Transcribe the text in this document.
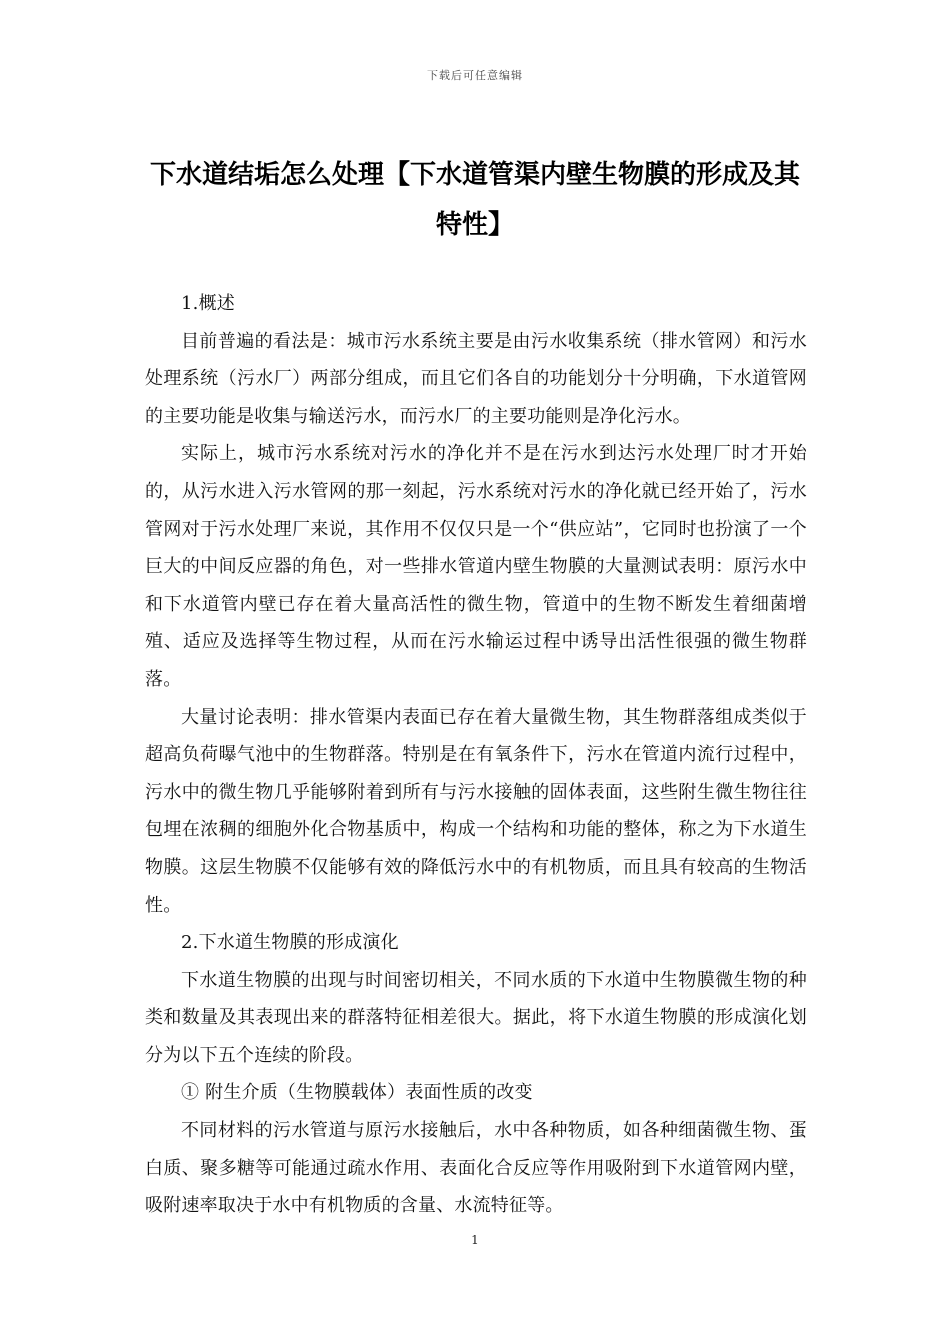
下载后可任意编辑
下水道结垢怎么处理【下水道管渠内壁生物膜的形成及其特性】

1.概述

目前普遍的看法是：城市污水系统主要是由污水收集系统（排水管网）和污水处理系统（污水厂）两部分组成，而且它们各自的功能划分十分明确，下水道管网的主要功能是收集与输送污水，而污水厂的主要功能则是净化污水。

实际上，城市污水系统对污水的净化并不是在污水到达污水处理厂时才开始的，从污水进入污水管网的那一刻起，污水系统对污水的净化就已经开始了，污水管网对于污水处理厂来说，其作用不仅仅只是一个“供应站”，它同时也扮演了一个巨大的中间反应器的角色，对一些排水管道内壁生物膜的大量测试表明：原污水中和下水道管内壁已存在着大量高活性的微生物，管道中的生物不断发生着细菌增殖、适应及选择等生物过程，从而在污水输运过程中诱导出活性很强的微生物群落。

大量讨论表明：排水管渠内表面已存在着大量微生物，其生物群落组成类似于超高负荷曝气池中的生物群落。特别是在有氧条件下，污水在管道内流行过程中，污水中的微生物几乎能够附着到所有与污水接触的固体表面，这些附生微生物往往包埋在浓稠的细胞外化合物基质中，构成一个结构和功能的整体，称之为下水道生物膜。这层生物膜不仅能够有效的降低污水中的有机物质，而且具有较高的生物活性。

2.下水道生物膜的形成演化

下水道生物膜的出现与时间密切相关，不同水质的下水道中生物膜微生物的种类和数量及其表现出来的群落特征相差很大。据此，将下水道生物膜的形成演化划分为以下五个连续的阶段。

① 附生介质（生物膜载体）表面性质的改变

不同材料的污水管道与原污水接触后，水中各种物质，如各种细菌微生物、蛋白质、聚多糖等可能通过疏水作用、表面化合反应等作用吸附到下水道管网内壁，吸附速率取决于水中有机物质的含量、水流特征等。

1
